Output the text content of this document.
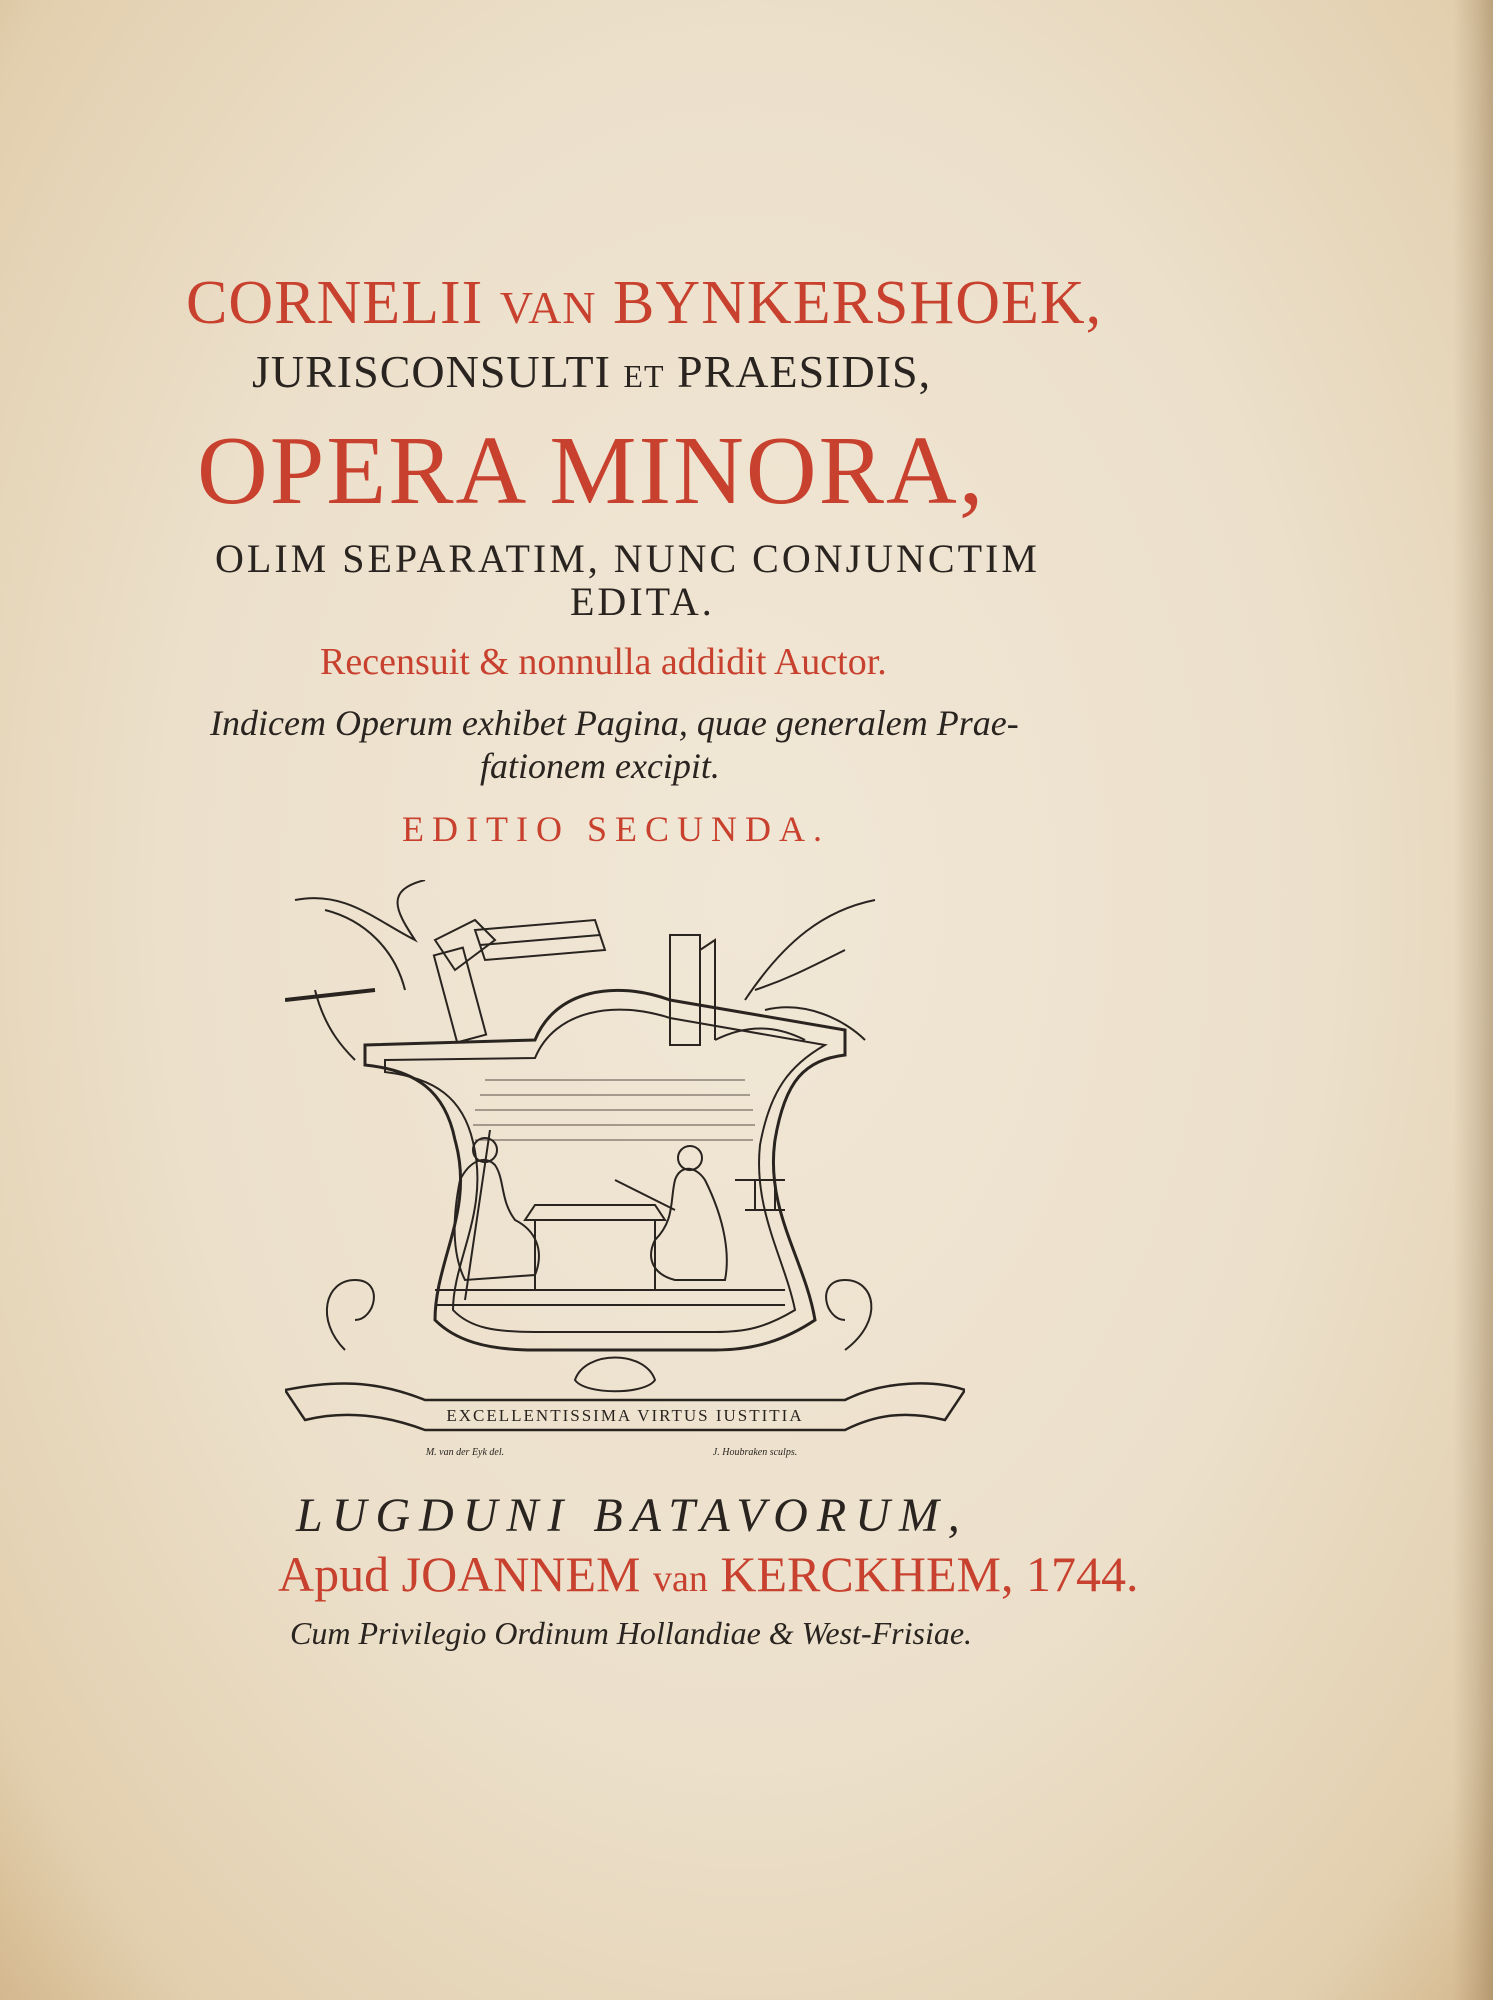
CORNELII VAN BYNKERSHOEK,
JURISCONSULTI ET PRAESIDIS,
OPERA MINORA,
OLIM SEPARATIM, NUNC CONJUNCTIM
EDITA.
Recensuit & nonnulla addidit Auctor.
Indicem Operum exhibet Pagina, quae generalem Prae-
fationem excipit.
EDITIO SECUNDA.
EXCELLENTISSIMA VIRTUS IUSTITIA
M. van der Eyk del.	J. Houbraken sculps.
LUGDUNI BATAVORUM,
Apud JOANNEM van KERCKHEM, 1744.
Cum Privilegio Ordinum Hollandiae & West-Frisiae.
